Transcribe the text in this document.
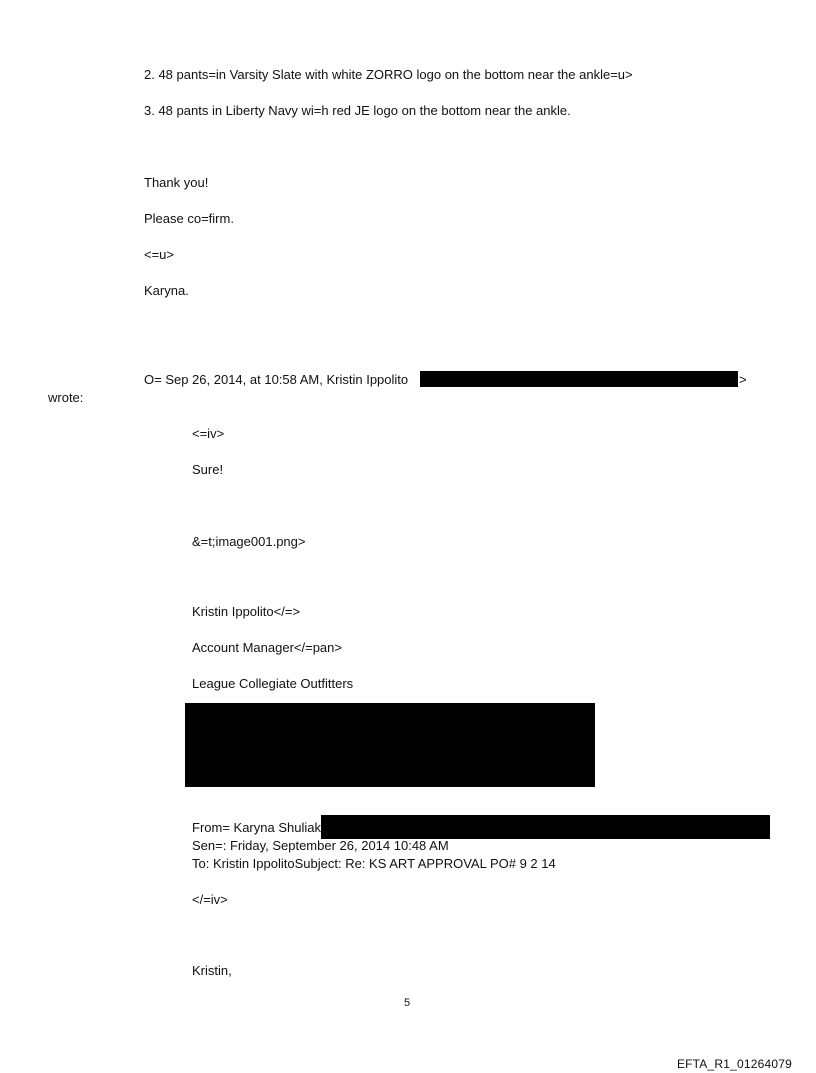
2. 48 pants=in Varsity Slate with white ZORRO logo on the bottom near the ankle=u>
3. 48 pants in Liberty Navy wi=h red JE logo on the bottom near the ankle.
Thank you!
Please co=firm.
<=u>
Karyna.
O= Sep 26, 2014, at 10:58 AM, Kristin Ippolito	>
wrote:
<=iv>
Sure!
&=t;image001.png>
Kristin Ippolito</=>
Account Manager</=pan>
League Collegiate Outfitters
From= Karyna Shuliak
Sen=: Friday, September 26, 2014 10:48 AM
To: Kristin IppolitoSubject: Re: KS ART APPROVAL PO# 9 2 14
</=iv>
Kristin,
5
EFTA_R1_01264079
